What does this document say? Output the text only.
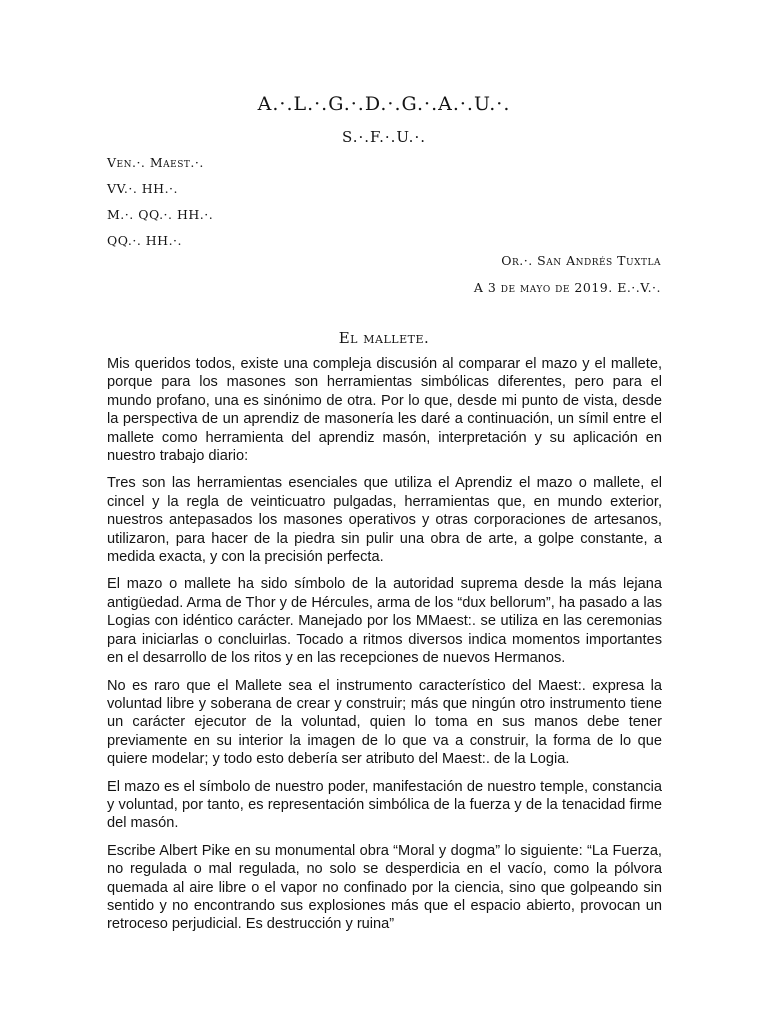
A.·.L.·.G.·.D.·.G.·.A.·.U.·.
S.·.F.·.U.·.
Ven.·. Maest.·.
VV.·. HH.·.
M.·. QQ.·. HH.·.
QQ.·. HH.·.
Or.·. San Andrés Tuxtla
A 3 de mayo de 2019. E.·.V.·.
El mallete.

Mis queridos todos, existe una compleja discusión al comparar el mazo y el mallete, porque para los masones son herramientas simbólicas diferentes, pero para el mundo profano, una es sinónimo de otra. Por lo que, desde mi punto de vista, desde la perspectiva de un aprendiz de masonería les daré a continuación, un símil entre el mallete como herramienta del aprendiz masón, interpretación y su aplicación en nuestro trabajo diario:

Tres son las herramientas esenciales que utiliza el Aprendiz el mazo o mallete, el cincel y la regla de veinticuatro pulgadas, herramientas que, en mundo exterior, nuestros antepasados los masones operativos y otras corporaciones de artesanos, utilizaron, para hacer de la piedra sin pulir una obra de arte, a golpe constante, a medida exacta, y con la precisión perfecta.

El mazo o mallete ha sido símbolo de la autoridad suprema desde la más lejana antigüedad. Arma de Thor y de Hércules, arma de los “dux bellorum”, ha pasado a las Logias con idéntico carácter. Manejado por los MMaest:. se utiliza en las ceremonias para iniciarlas o concluirlas. Tocado a ritmos diversos indica momentos importantes en el desarrollo de los ritos y en las recepciones de nuevos Hermanos.

No es raro que el Mallete sea el instrumento característico del Maest:. expresa la voluntad libre y soberana de crear y construir; más que ningún otro instrumento tiene un carácter ejecutor de la voluntad, quien lo toma en sus manos debe tener previamente en su interior la imagen de lo que va a construir, la forma de lo que quiere modelar; y todo esto debería ser atributo del Maest:. de la Logia.

El mazo es el símbolo de nuestro poder, manifestación de nuestro temple, constancia y voluntad, por tanto, es representación simbólica de la fuerza y de la tenacidad firme del masón.

Escribe Albert Pike en su monumental obra “Moral y dogma” lo siguiente: “La Fuerza, no regulada o mal regulada, no solo se desperdicia en el vacío, como la pólvora quemada al aire libre o el vapor no confinado por la ciencia, sino que golpeando sin sentido y no encontrando sus explosiones más que el espacio abierto, provocan un retroceso perjudicial. Es destrucción y ruina”
